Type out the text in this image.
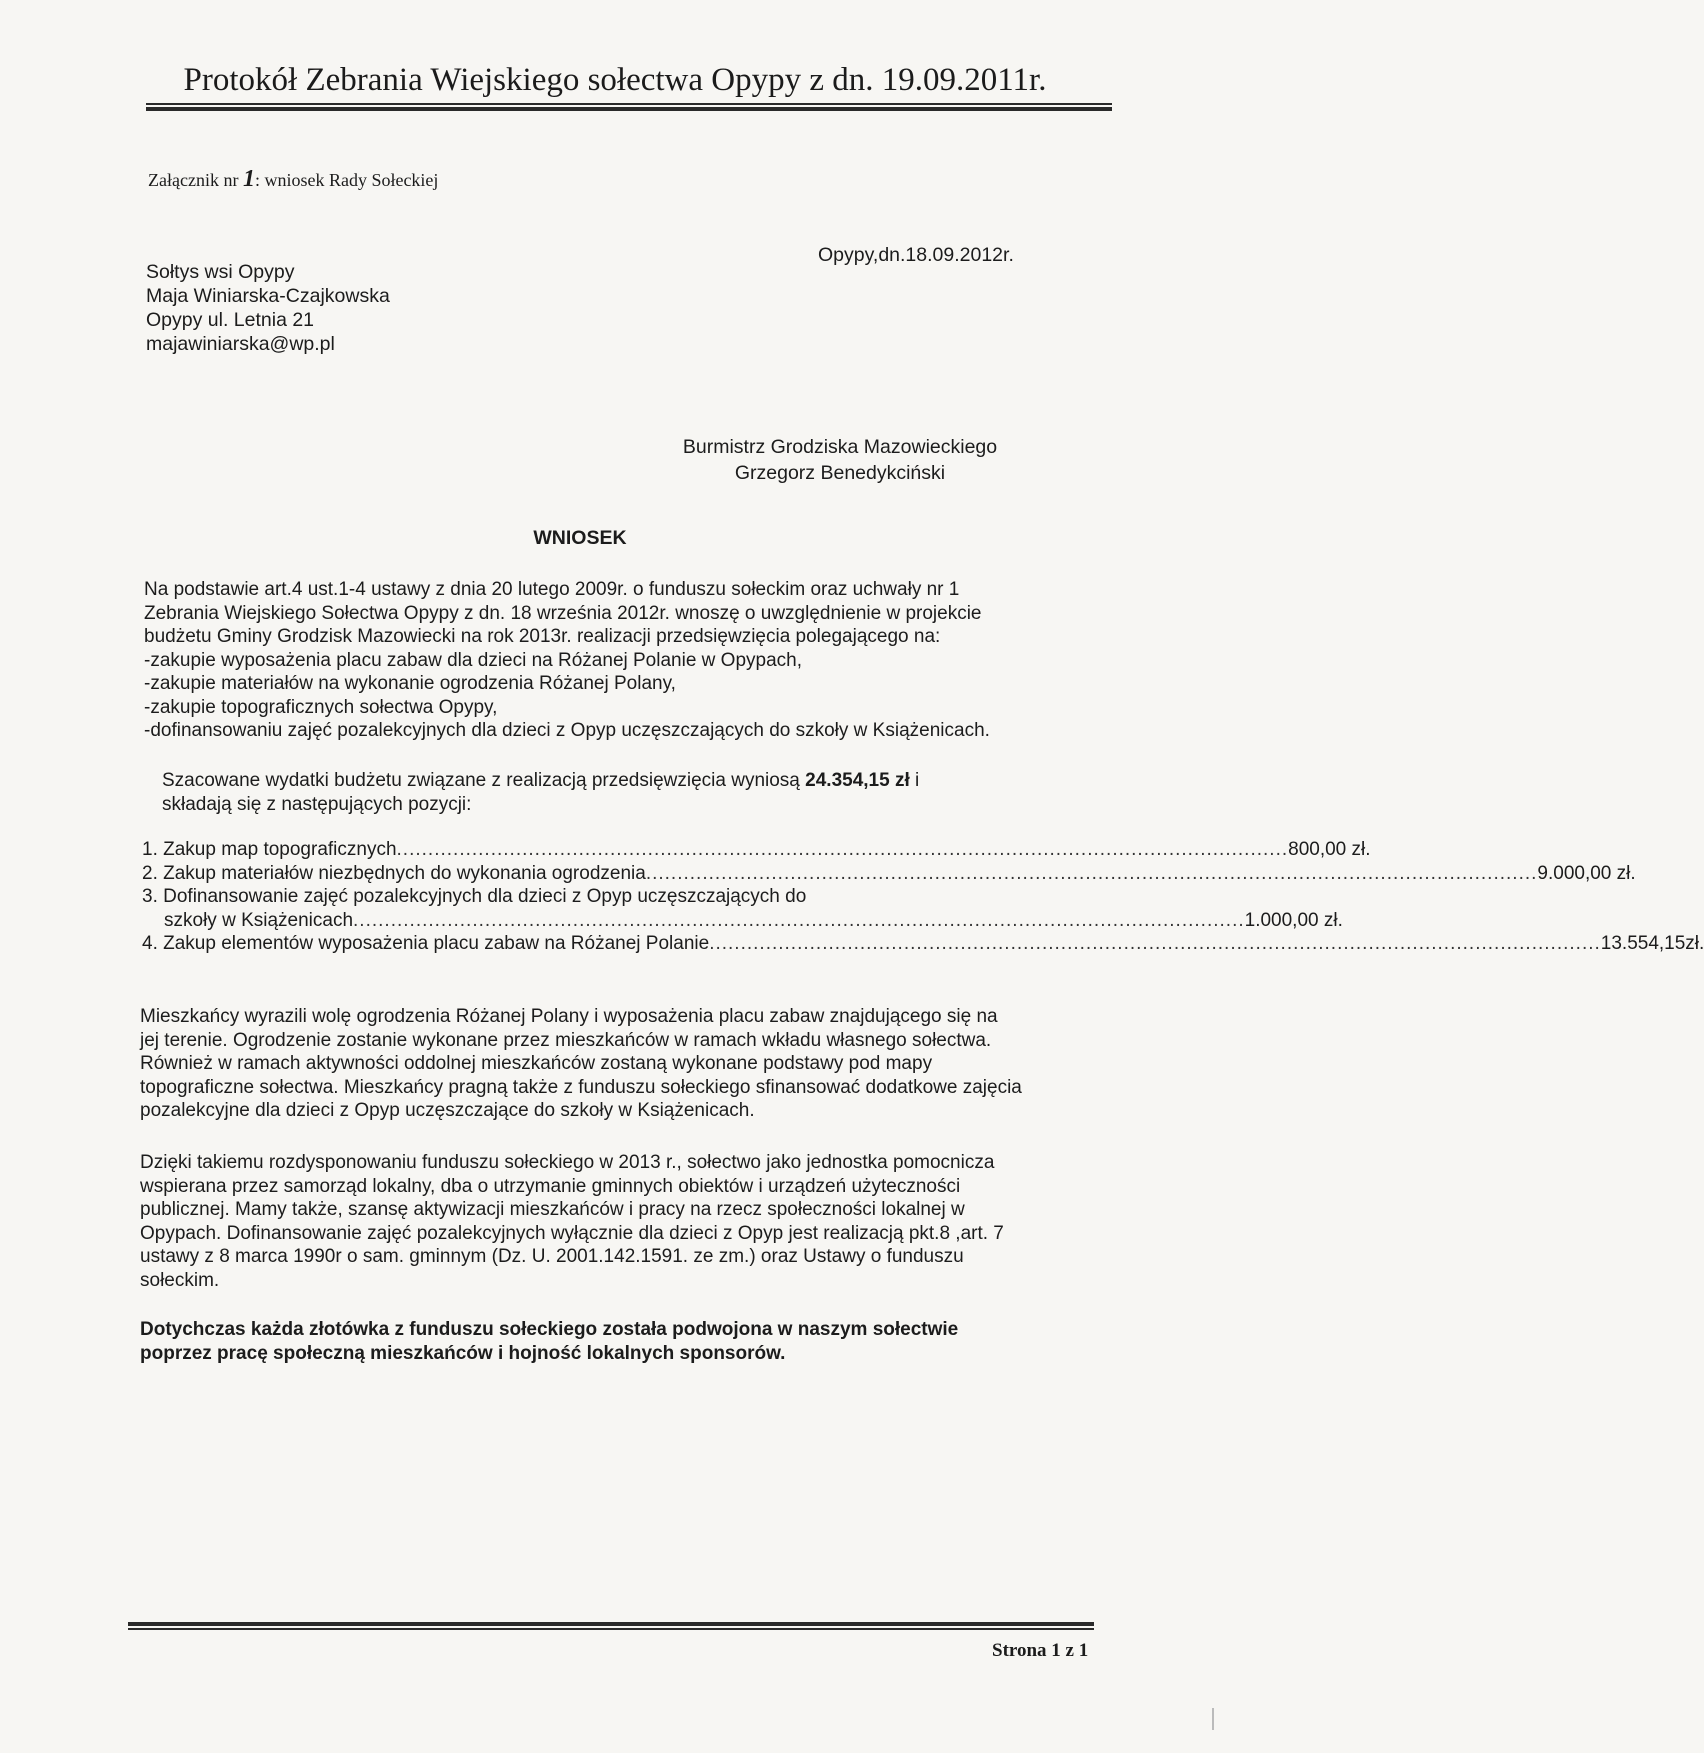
Protokół Zebrania Wiejskiego sołectwa Opypy z dn. 19.09.2011r.
Załącznik nr 1: wniosek Rady Sołeckiej
Opypy,dn.18.09.2012r.
Sołtys wsi Opypy
Maja Winiarska-Czajkowska
Opypy ul. Letnia 21
majawiniarska@wp.pl
Burmistrz Grodziska Mazowieckiego
Grzegorz Benedykciński
WNIOSEK
Na podstawie art.4 ust.1-4 ustawy z dnia 20 lutego 2009r. o funduszu sołeckim oraz uchwały nr 1
Zebrania Wiejskiego Sołectwa Opypy z dn. 18 września 2012r. wnoszę o uwzględnienie w projekcie
budżetu Gminy Grodzisk Mazowiecki na rok 2013r. realizacji przedsięwzięcia polegającego na:
-zakupie wyposażenia placu zabaw dla dzieci na Różanej Polanie w Opypach,
-zakupie materiałów na wykonanie ogrodzenia Różanej Polany,
-zakupie topograficznych sołectwa Opypy,
-dofinansowaniu zajęć pozalekcyjnych dla dzieci z Opyp uczęszczających do szkoły w Książenicach.
Szacowane wydatki budżetu związane z realizacją przedsięwzięcia wyniosą 24.354,15 zł i
składają się z następujących pozycji:
1. Zakup map topograficznych .............................................................................................................................................. 800,00 zł.
2. Zakup materiałów niezbędnych do wykonania ogrodzenia .............................................................................................................................................. 9.000,00 zł.
3. Dofinansowanie zajęć pozalekcyjnych dla dzieci z Opyp uczęszczających do
szkoły w Książenicach .............................................................................................................................................. 1.000,00 zł.
4. Zakup elementów wyposażenia placu zabaw na Różanej Polanie .............................................................................................................................................. 13.554,15zł.
Mieszkańcy wyrazili wolę ogrodzenia Różanej Polany i wyposażenia placu zabaw znajdującego się na
jej terenie. Ogrodzenie zostanie wykonane przez mieszkańców w ramach wkładu własnego sołectwa.
Również w ramach aktywności oddolnej mieszkańców zostaną wykonane podstawy pod mapy
topograficzne sołectwa. Mieszkańcy pragną także z funduszu sołeckiego sfinansować dodatkowe zajęcia
pozalekcyjne dla dzieci z Opyp uczęszczające do szkoły w Książenicach.
Dzięki takiemu rozdysponowaniu funduszu sołeckiego w 2013 r., sołectwo jako jednostka pomocnicza
wspierana przez samorząd lokalny, dba o utrzymanie gminnych obiektów i urządzeń użyteczności
publicznej. Mamy także, szansę aktywizacji mieszkańców i pracy na rzecz społeczności lokalnej w
Opypach. Dofinansowanie zajęć pozalekcyjnych wyłącznie dla dzieci z Opyp jest realizacją pkt.8 ,art. 7
ustawy z 8 marca 1990r o sam. gminnym (Dz. U. 2001.142.1591. ze zm.) oraz Ustawy o funduszu
sołeckim.
Dotychczas każda złotówka z funduszu sołeckiego została podwojona w naszym sołectwie
poprzez pracę społeczną mieszkańców i hojność lokalnych sponsorów.
Strona 1 z 1
